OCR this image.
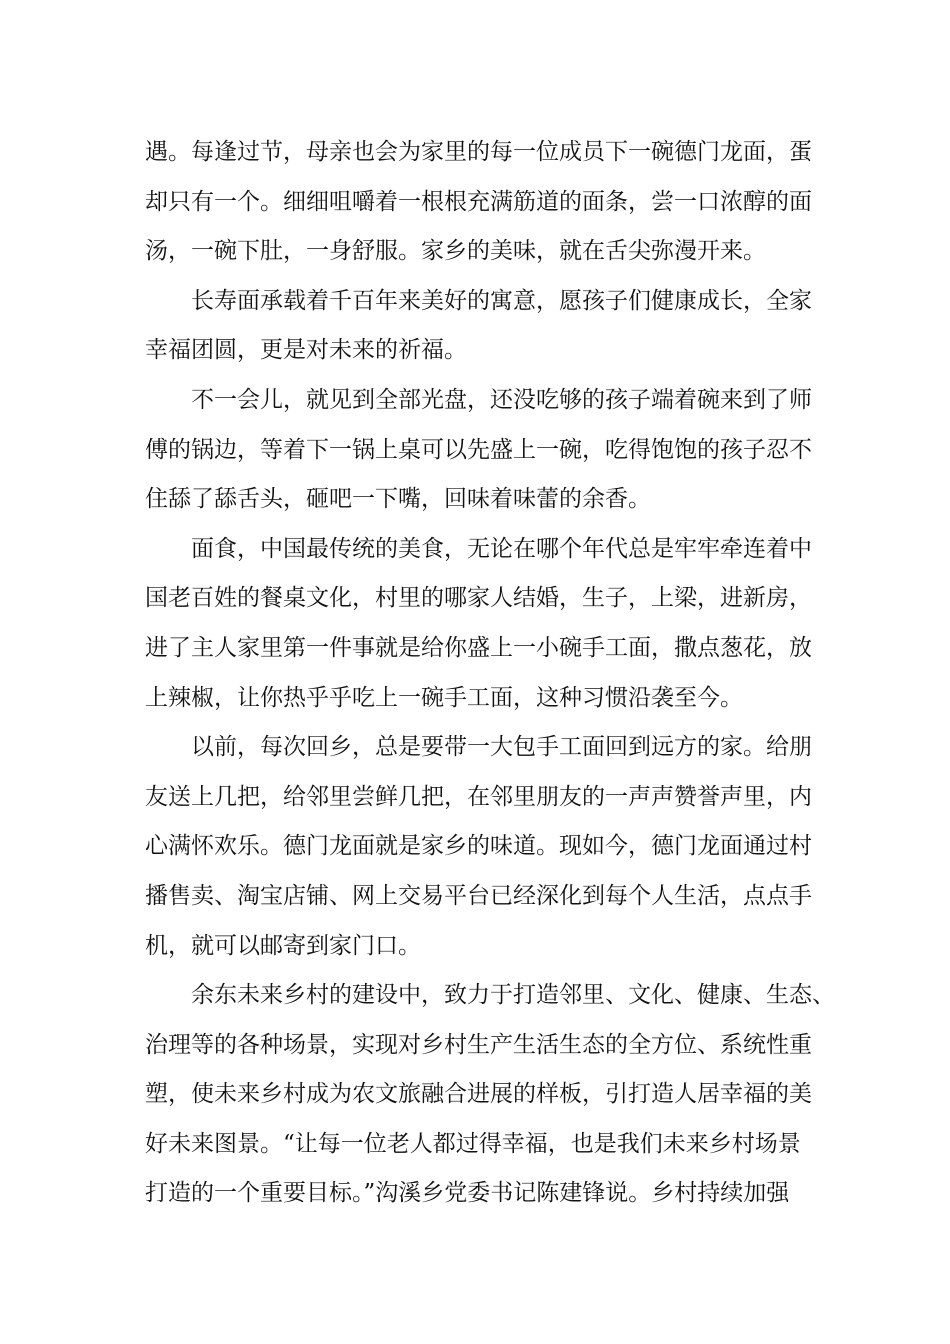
遇。每逢过节，母亲也会为家里的每一位成员下一碗德门龙面，蛋
却只有一个。细细咀嚼着一根根充满筋道的面条，尝一口浓醇的面
汤，一碗下肚，一身舒服。家乡的美味，就在舌尖弥漫开来。

长寿面承载着千百年来美好的寓意，愿孩子们健康成长，全家
幸福团圆，更是对未来的祈福。

不一会儿，就见到全部光盘，还没吃够的孩子端着碗来到了师
傅的锅边，等着下一锅上桌可以先盛上一碗，吃得饱饱的孩子忍不
住舔了舔舌头，砸吧一下嘴，回味着味蕾的余香。

面食，中国最传统的美食，无论在哪个年代总是牢牢牵连着中
国老百姓的餐桌文化，村里的哪家人结婚，生子，上梁，进新房，
进了主人家里第一件事就是给你盛上一小碗手工面，撒点葱花，放
上辣椒，让你热乎乎吃上一碗手工面，这种习惯沿袭至今。

以前，每次回乡，总是要带一大包手工面回到远方的家。给朋
友送上几把，给邻里尝鲜几把，在邻里朋友的一声声赞誉声里，内
心满怀欢乐。德门龙面就是家乡的味道。现如今，德门龙面通过村
播售卖、淘宝店铺、网上交易平台已经深化到每个人生活，点点手
机，就可以邮寄到家门口。

余东未来乡村的建设中，致力于打造邻里、文化、健康、生态、
治理等的各种场景，实现对乡村生产生活生态的全方位、系统性重
塑，使未来乡村成为农文旅融合进展的样板，引打造人居幸福的美
好未来图景。“让每一位老人都过得幸福，也是我们未来乡村场景
打造的一个重要目标。”沟溪乡党委书记陈建锋说。乡村持续加强
